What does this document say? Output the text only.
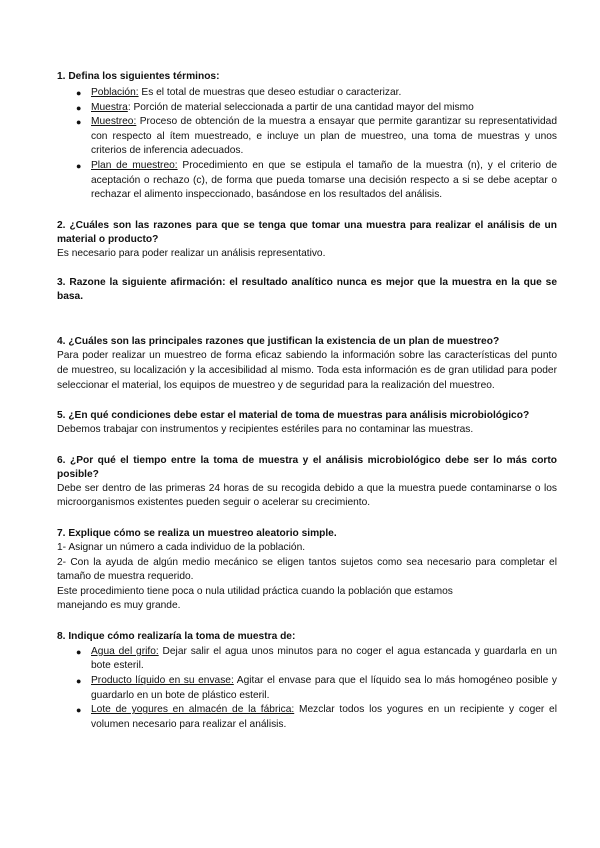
1. Defina los siguientes términos:

● Población: Es el total de muestras que deseo estudiar o caracterizar.
● Muestra: Porción de material seleccionada a partir de una cantidad mayor del mismo
● Muestreo: Proceso de obtención de la muestra a ensayar que permite garantizar su representatividad con respecto al ítem muestreado, e incluye un plan de muestreo, una toma de muestras y unos criterios de inferencia adecuados.
● Plan de muestreo: Procedimiento en que se estipula el tamaño de la muestra (n), y el criterio de aceptación o rechazo (c), de forma que pueda tomarse una decisión respecto a si se debe aceptar o rechazar el alimento inspeccionado, basándose en los resultados del análisis.

2. ¿Cuáles son las razones para que se tenga que tomar una muestra para realizar el análisis de un material o producto?

Es necesario para poder realizar un análisis representativo.

3. Razone la siguiente afirmación: el resultado analítico nunca es mejor que la muestra en la que se basa.

4. ¿Cuáles son las principales razones que justifican la existencia de un plan de muestreo?

Para poder realizar un muestreo de forma eficaz sabiendo la información sobre las características del punto de muestreo, su localización y la accesibilidad al mismo. Toda esta información es de gran utilidad para poder seleccionar el material, los equipos de muestreo y de seguridad para la realización del muestreo.

5. ¿En qué condiciones debe estar el material de toma de muestras para análisis microbiológico?

Debemos trabajar con instrumentos y recipientes estériles para no contaminar las muestras.

6. ¿Por qué el tiempo entre la toma de muestra y el análisis microbiológico debe ser lo más corto posible?

Debe ser dentro de las primeras 24 horas de su recogida debido a que la muestra puede contaminarse o los microorganismos existentes pueden seguir o acelerar su crecimiento.

7. Explique cómo se realiza un muestreo aleatorio simple.

1- Asignar un número a cada individuo de la población.

2- Con la ayuda de algún medio mecánico se eligen tantos sujetos como sea necesario para completar el tamaño de muestra requerido.

Este procedimiento tiene poca o nula utilidad práctica cuando la población que estamos

manejando es muy grande.

8. Indique cómo realizaría la toma de muestra de:

● Agua del grifo: Dejar salir el agua unos minutos para no coger el agua estancada y guardarla en un bote esteril.
● Producto líquido en su envase: Agitar el envase para que el líquido sea lo más homogéneo posible y guardarlo en un bote de plástico esteril.
● Lote de yogures en almacén de la fábrica: Mezclar todos los yogures en un recipiente y coger el volumen necesario para realizar el análisis.
